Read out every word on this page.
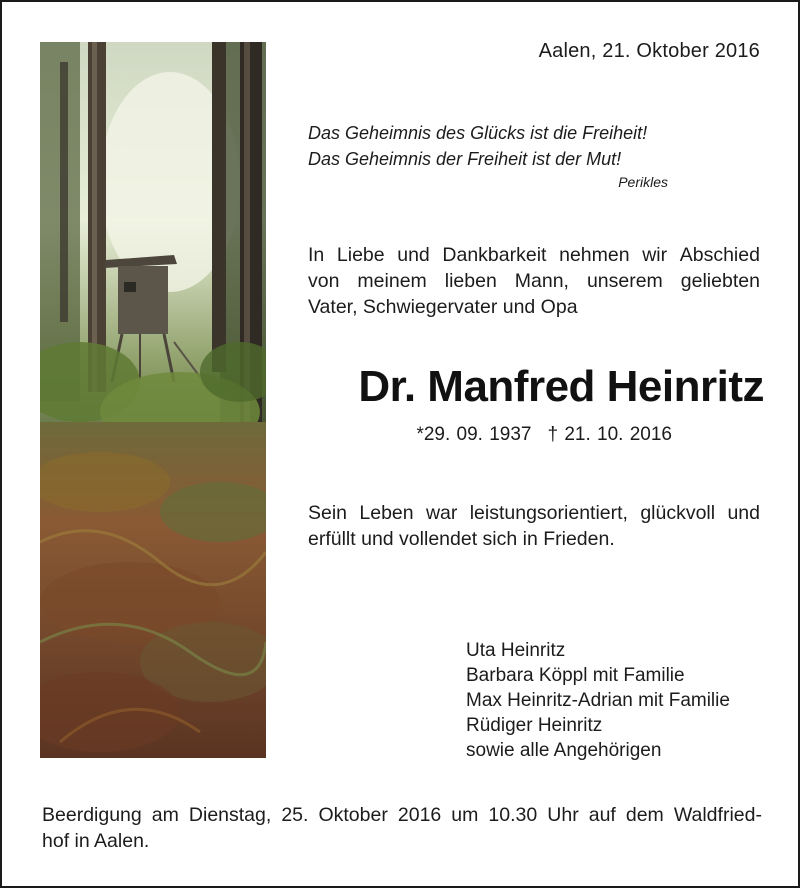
Aalen, 21. Oktober 2016
Das Geheimnis des Glücks ist die Freiheit!
Das Geheimnis der Freiheit ist der Mut!
Perikles
In Liebe und Dankbarkeit nehmen wir Abschied
von meinem lieben Mann, unserem geliebten
Vater, Schwiegervater und Opa
Dr. Manfred Heinritz
*29. 09. 1937 † 21. 10. 2016
Sein Leben war leistungsorientiert, glückvoll und
erfüllt und vollendet sich in Frieden.
Uta Heinritz
Barbara Köppl mit Familie
Max Heinritz-Adrian mit Familie
Rüdiger Heinritz
sowie alle Angehörigen
Beerdigung am Dienstag, 25. Oktober 2016 um 10.30 Uhr auf dem Waldfried-
hof in Aalen.
